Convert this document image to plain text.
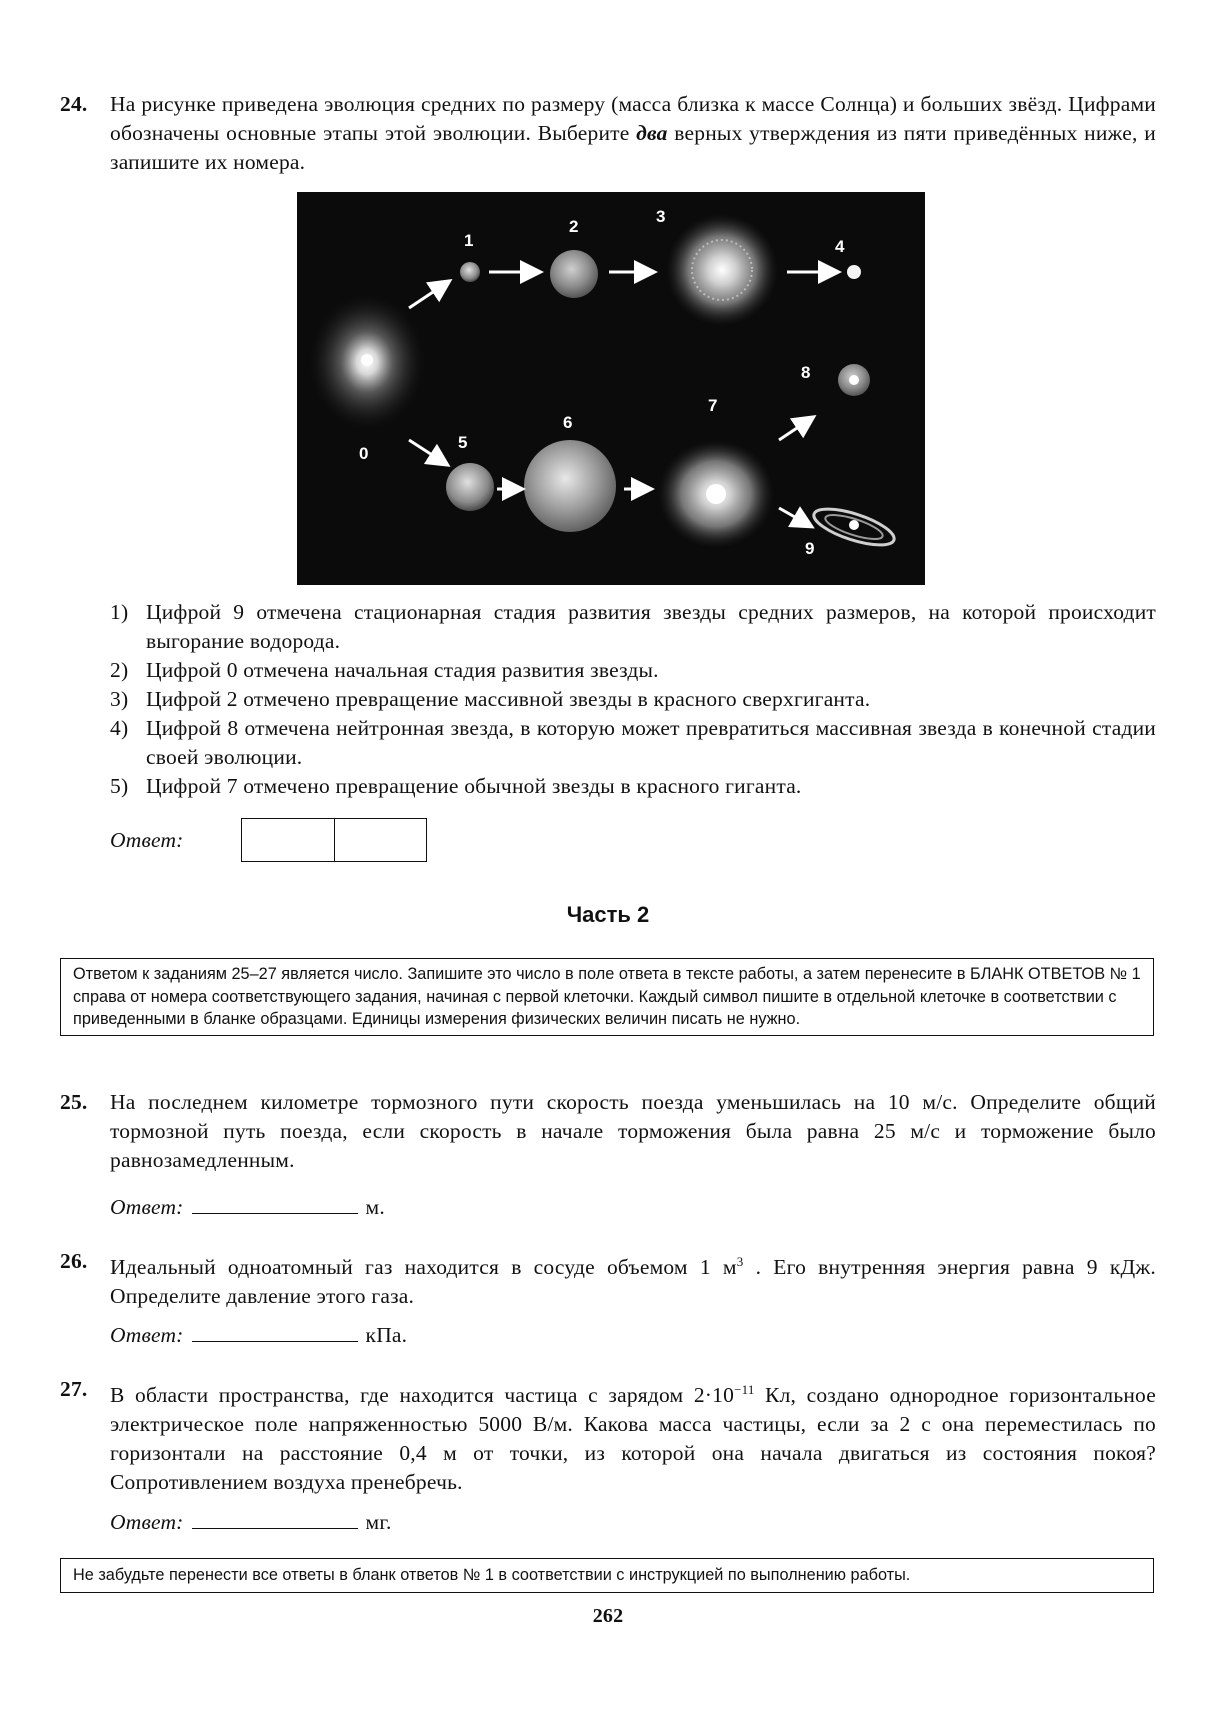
24. На рисунке приведена эволюция средних по размеру (масса близка к массе Солнца) и больших звёзд. Цифрами обозначены основные этапы этой эволюции. Выберите два верных утверждения из пяти приведённых ниже, и запишите их номера.
0
1
2
3
4
5
6
7
8
9
1) Цифрой 9 отмечена стационарная стадия развития звезды средних размеров, на которой происходит выгорание водорода.
2) Цифрой 0 отмечена начальная стадия развития звезды.
3) Цифрой 2 отмечено превращение массивной звезды в красного сверхгиганта.
4) Цифрой 8 отмечена нейтронная звезда, в которую может превратиться массивная звезда в конечной стадии своей эволюции.
5) Цифрой 7 отмечено превращение обычной звезды в красного гиганта.
Ответ:
Часть 2
Ответом к заданиям 25–27 является число. Запишите это число в поле ответа в тексте работы, а затем перенесите в БЛАНК ОТВЕТОВ № 1 справа от номера соответствующего задания, начиная с первой клеточки. Каждый символ пишите в отдельной клеточке в соответствии с приведенными в бланке образцами. Единицы измерения физических величин писать не нужно.
25. На последнем километре тормозного пути скорость поезда уменьшилась на 10 м/с. Определите общий тормозной путь поезда, если скорость в начале торможения была равна 25 м/с и торможение было равнозамедленным.
Ответ:	м.
26. Идеальный одноатомный газ находится в сосуде объемом 1 $м^3$ . Его внутренняя энергия равна 9 кДж. Определите давление этого газа.
Ответ:	кПа.
27. В области пространства, где находится частица с зарядом $2\cdot 10^{-11}$ Кл, создано однородное горизонтальное электрическое поле напряженностью 5000 В/м. Какова масса частицы, если за 2 с она переместилась по горизонтали на расстояние 0,4 м от точки, из которой она начала двигаться из состояния покоя? Сопротивлением воздуха пренебречь.
Ответ:	мг.
Не забудьте перенести все ответы в бланк ответов № 1 в соответствии с инструкцией по выполнению работы.
262
